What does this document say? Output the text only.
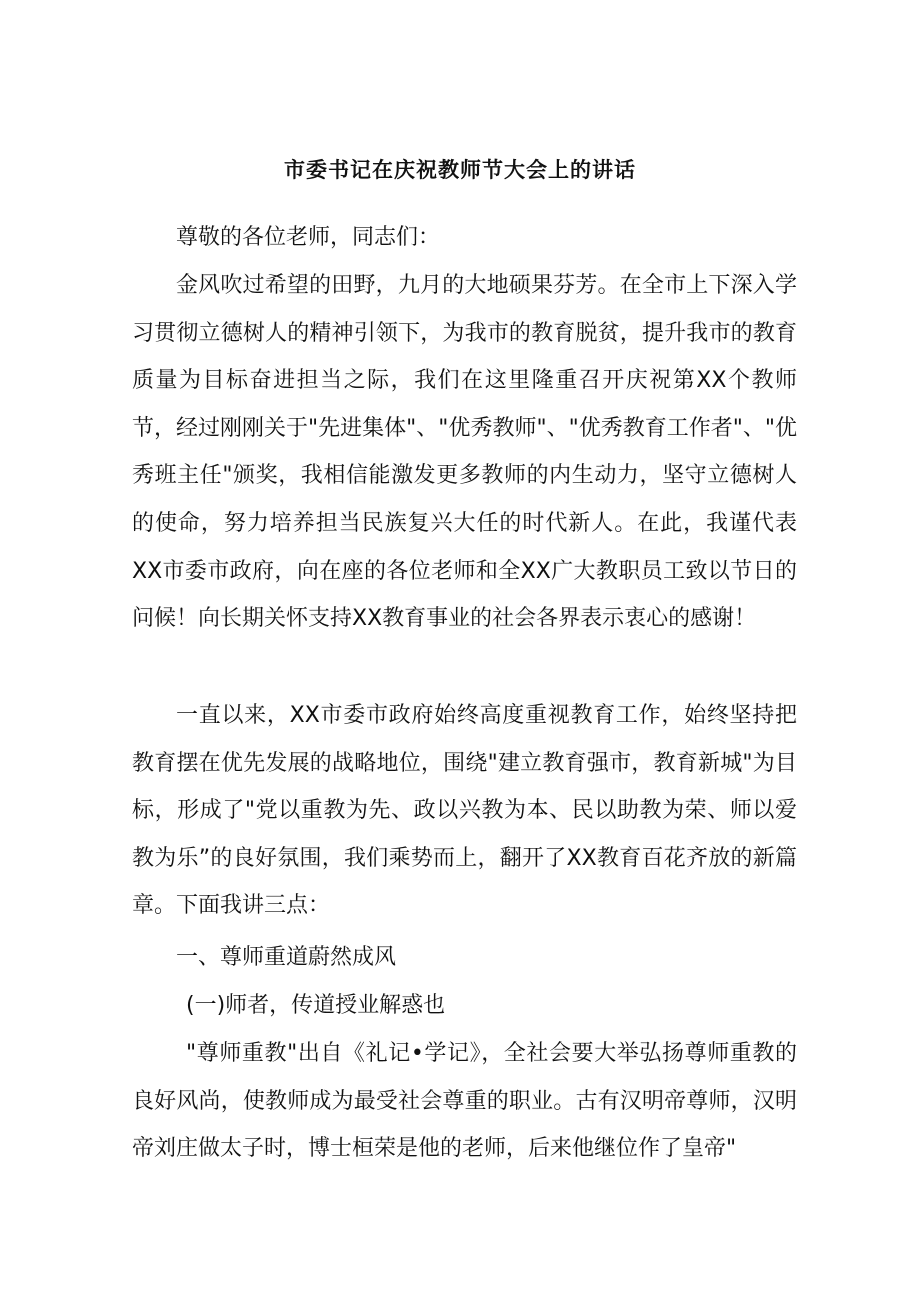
市委书记在庆祝教师节大会上的讲话

尊敬的各位老师，同志们：

金风吹过希望的田野，九月的大地硕果芬芳。在全市上下深入学习贯彻立德树人的精神引领下，为我市的教育脱贫，提升我市的教育质量为目标奋进担当之际，我们在这里隆重召开庆祝第XX个教师节，经过刚刚关于"先进集体"、"优秀教师"、"优秀教育工作者"、"优秀班主任"颁奖，我相信能激发更多教师的内生动力，坚守立德树人的使命，努力培养担当民族复兴大任的时代新人。在此，我谨代表XX市委市政府，向在座的各位老师和全XX广大教职员工致以节日的问候！向长期关怀支持XX教育事业的社会各界表示衷心的感谢！

一直以来，XX市委市政府始终高度重视教育工作，始终坚持把教育摆在优先发展的战略地位，围绕"建立教育强市，教育新城"为目标，形成了"党以重教为先、政以兴教为本、民以助教为荣、师以爱教为乐”的良好氛围，我们乘势而上，翻开了XX教育百花齐放的新篇章。下面我讲三点：

一、尊师重道蔚然成风

(一)师者，传道授业解惑也

"尊师重教"出自《礼记•学记》，全社会要大举弘扬尊师重教的良好风尚，使教师成为最受社会尊重的职业。古有汉明帝尊师，汉明帝刘庄做太子时，博士桓荣是他的老师，后来他继位作了皇帝"
